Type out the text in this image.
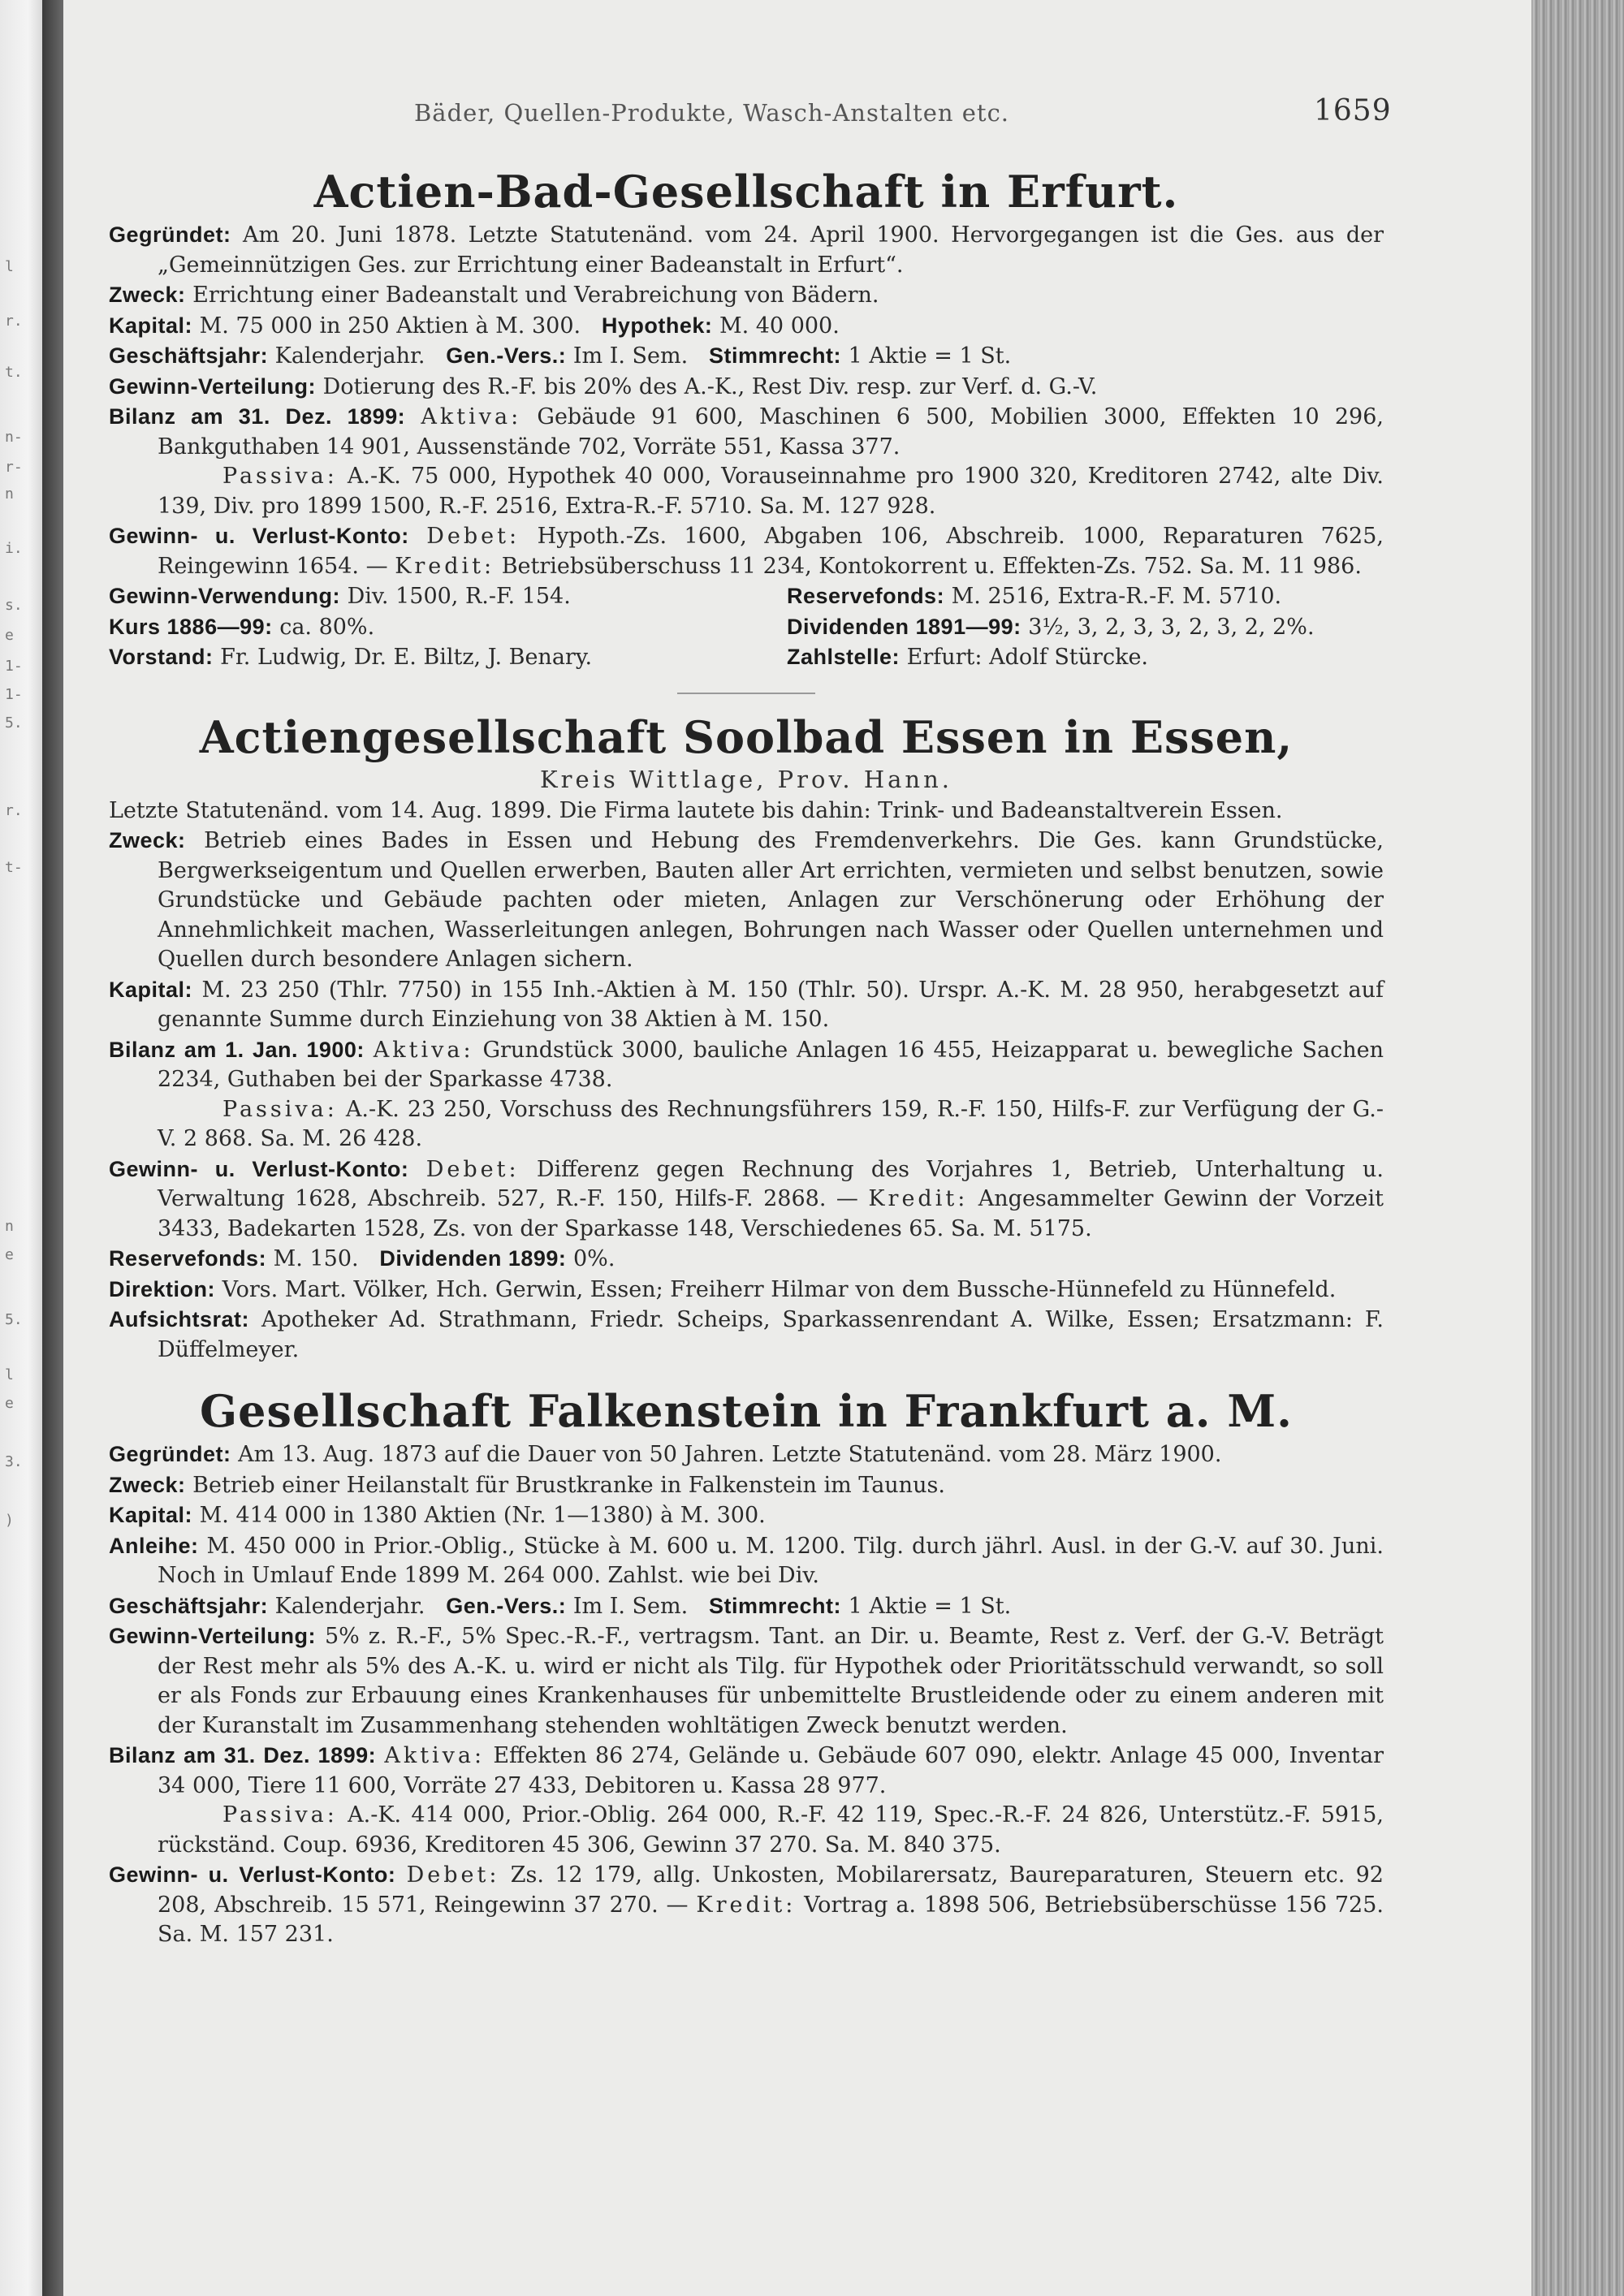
l
r.
t.
n-
r-
n
i.
s.
e
1-
1-
5.
r.
t-
n
e
5.
l
e
3.
)
Bäder, Quellen-Produkte, Wasch-Anstalten etc.	1659
Actien-Bad-Gesellschaft in Erfurt.

Gegründet: Am 20. Juni 1878. Letzte Statutenänd. vom 24. April 1900. Hervorgegangen ist die Ges. aus der „Gemeinnützigen Ges. zur Errichtung einer Badeanstalt in Erfurt“.

Zweck: Errichtung einer Badeanstalt und Verabreichung von Bädern.

Kapital: M. 75 000 in 250 Aktien à M. 300. Hypothek: M. 40 000.

Geschäftsjahr: Kalenderjahr. Gen.-Vers.: Im I. Sem. Stimmrecht: 1 Aktie = 1 St.

Gewinn-Verteilung: Dotierung des R.-F. bis 20% des A.-K., Rest Div. resp. zur Verf. d. G.-V.

Bilanz am 31. Dez. 1899: Aktiva: Gebäude 91 600, Maschinen 6 500, Mobilien 3000, Effekten 10 296, Bankguthaben 14 901, Aussenstände 702, Vorräte 551, Kassa 377.

Passiva: A.-K. 75 000, Hypothek 40 000, Vorauseinnahme pro 1900 320, Kreditoren 2742, alte Div. 139, Div. pro 1899 1500, R.-F. 2516, Extra-R.-F. 5710. Sa. M. 127 928.

Gewinn- u. Verlust-Konto: Debet: Hypoth.-Zs. 1600, Abgaben 106, Abschreib. 1000, Reparaturen 7625, Reingewinn 1654. — Kredit: Betriebsüberschuss 11 234, Kontokorrent u. Effekten-Zs. 752. Sa. M. 11 986.

Gewinn-Verwendung: Div. 1500, R.-F. 154.	Reservefonds: M. 2516, Extra-R.-F. M. 5710.
Kurs 1886—99: ca. 80%.	Dividenden 1891—99: 3½, 3, 2, 3, 3, 2, 3, 2, 2%.
Vorstand: Fr. Ludwig, Dr. E. Biltz, J. Benary.	Zahlstelle: Erfurt: Adolf Stürcke.
Actiengesellschaft Soolbad Essen in Essen,
Kreis Wittlage, Prov. Hann.

Letzte Statutenänd. vom 14. Aug. 1899. Die Firma lautete bis dahin: Trink- und Badeanstaltverein Essen.

Zweck: Betrieb eines Bades in Essen und Hebung des Fremdenverkehrs. Die Ges. kann Grundstücke, Bergwerkseigentum und Quellen erwerben, Bauten aller Art errichten, vermieten und selbst benutzen, sowie Grundstücke und Gebäude pachten oder mieten, Anlagen zur Verschönerung oder Erhöhung der Annehmlichkeit machen, Wasserleitungen anlegen, Bohrungen nach Wasser oder Quellen unternehmen und Quellen durch besondere Anlagen sichern.

Kapital: M. 23 250 (Thlr. 7750) in 155 Inh.-Aktien à M. 150 (Thlr. 50). Urspr. A.-K. M. 28 950, herabgesetzt auf genannte Summe durch Einziehung von 38 Aktien à M. 150.

Bilanz am 1. Jan. 1900: Aktiva: Grundstück 3000, bauliche Anlagen 16 455, Heizapparat u. bewegliche Sachen 2234, Guthaben bei der Sparkasse 4738.

Passiva: A.-K. 23 250, Vorschuss des Rechnungsführers 159, R.-F. 150, Hilfs-F. zur Verfügung der G.-V. 2 868. Sa. M. 26 428.

Gewinn- u. Verlust-Konto: Debet: Differenz gegen Rechnung des Vorjahres 1, Betrieb, Unterhaltung u. Verwaltung 1628, Abschreib. 527, R.-F. 150, Hilfs-F. 2868. — Kredit: Angesammelter Gewinn der Vorzeit 3433, Badekarten 1528, Zs. von der Sparkasse 148, Verschiedenes 65. Sa. M. 5175.

Reservefonds: M. 150. Dividenden 1899: 0%.

Direktion: Vors. Mart. Völker, Hch. Gerwin, Essen; Freiherr Hilmar von dem Bussche-Hünnefeld zu Hünnefeld.

Aufsichtsrat: Apotheker Ad. Strathmann, Friedr. Scheips, Sparkassenrendant A. Wilke, Essen; Ersatzmann: F. Düffelmeyer.

Gesellschaft Falkenstein in Frankfurt a. M.

Gegründet: Am 13. Aug. 1873 auf die Dauer von 50 Jahren. Letzte Statutenänd. vom 28. März 1900.

Zweck: Betrieb einer Heilanstalt für Brustkranke in Falkenstein im Taunus.

Kapital: M. 414 000 in 1380 Aktien (Nr. 1—1380) à M. 300.

Anleihe: M. 450 000 in Prior.-Oblig., Stücke à M. 600 u. M. 1200. Tilg. durch jährl. Ausl. in der G.-V. auf 30. Juni. Noch in Umlauf Ende 1899 M. 264 000. Zahlst. wie bei Div.

Geschäftsjahr: Kalenderjahr. Gen.-Vers.: Im I. Sem. Stimmrecht: 1 Aktie = 1 St.

Gewinn-Verteilung: 5% z. R.-F., 5% Spec.-R.-F., vertragsm. Tant. an Dir. u. Beamte, Rest z. Verf. der G.-V. Beträgt der Rest mehr als 5% des A.-K. u. wird er nicht als Tilg. für Hypothek oder Prioritätsschuld verwandt, so soll er als Fonds zur Erbauung eines Krankenhauses für unbemittelte Brustleidende oder zu einem anderen mit der Kuranstalt im Zusammenhang stehenden wohltätigen Zweck benutzt werden.

Bilanz am 31. Dez. 1899: Aktiva: Effekten 86 274, Gelände u. Gebäude 607 090, elektr. Anlage 45 000, Inventar 34 000, Tiere 11 600, Vorräte 27 433, Debitoren u. Kassa 28 977.

Passiva: A.-K. 414 000, Prior.-Oblig. 264 000, R.-F. 42 119, Spec.-R.-F. 24 826, Unterstütz.-F. 5915, rückständ. Coup. 6936, Kreditoren 45 306, Gewinn 37 270. Sa. M. 840 375.

Gewinn- u. Verlust-Konto: Debet: Zs. 12 179, allg. Unkosten, Mobilarersatz, Baureparaturen, Steuern etc. 92 208, Abschreib. 15 571, Reingewinn 37 270. — Kredit: Vortrag a. 1898 506, Betriebsüberschüsse 156 725. Sa. M. 157 231.
